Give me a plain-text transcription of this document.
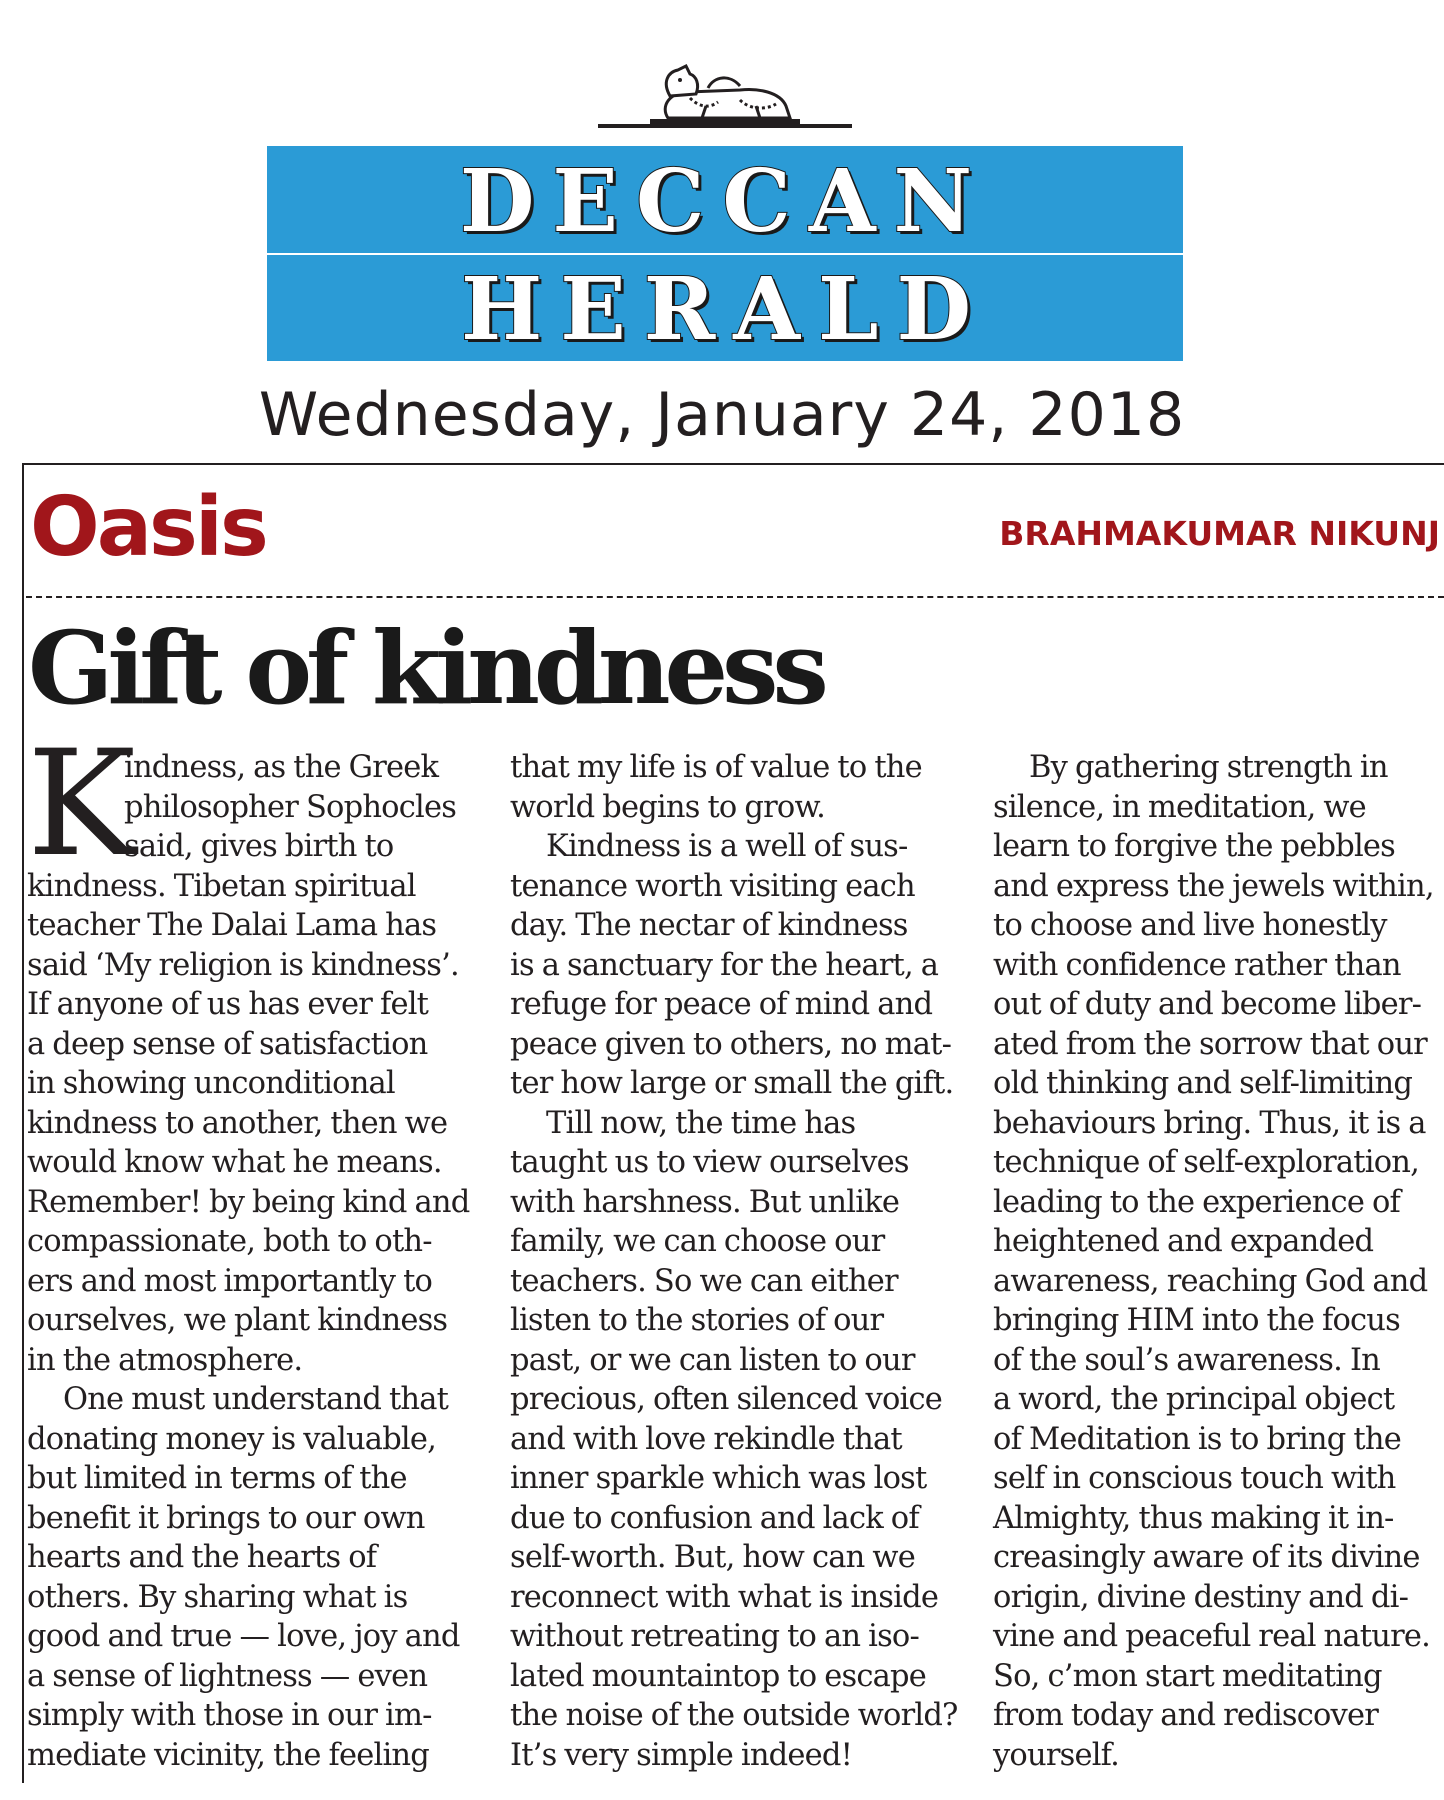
DECCAN
HERALD
Wednesday, January 24, 2018
Oasis	BRAHMAKUMAR NIKUNJ
Gift of kindness
K
indness, as the Greek
philosopher Sophocles
said, gives birth to
kindness. Tibetan spiritual
teacher The Dalai Lama has
said ‘My religion is kindness’.
If anyone of us has ever felt
a deep sense of satisfaction
in showing unconditional
kindness to another, then we
would know what he means.
Remember! by being kind and
compassionate, both to oth-
ers and most importantly to
ourselves, we plant kindness
in the atmosphere.
One must understand that
donating money is valuable,
but limited in terms of the
benefit it brings to our own
hearts and the hearts of
others. By sharing what is
good and true — love, joy and
a sense of lightness — even
simply with those in our im-
mediate vicinity, the feeling
that my life is of value to the
world begins to grow.
Kindness is a well of sus-
tenance worth visiting each
day. The nectar of kindness
is a sanctuary for the heart, a
refuge for peace of mind and
peace given to others, no mat-
ter how large or small the gift.
Till now, the time has
taught us to view ourselves
with harshness. But unlike
family, we can choose our
teachers. So we can either
listen to the stories of our
past, or we can listen to our
precious, often silenced voice
and with love rekindle that
inner sparkle which was lost
due to confusion and lack of
self-worth. But, how can we
reconnect with what is inside
without retreating to an iso-
lated mountaintop to escape
the noise of the outside world?
It’s very simple indeed!
By gathering strength in
silence, in meditation, we
learn to forgive the pebbles
and express the jewels within,
to choose and live honestly
with confidence rather than
out of duty and become liber-
ated from the sorrow that our
old thinking and self-limiting
behaviours bring. Thus, it is a
technique of self-exploration,
leading to the experience of
heightened and expanded
awareness, reaching God and
bringing HIM into the focus
of the soul’s awareness. In
a word, the principal object
of Meditation is to bring the
self in conscious touch with
Almighty, thus making it in-
creasingly aware of its divine
origin, divine destiny and di-
vine and peaceful real nature.
So, c’mon start meditating
from today and rediscover
yourself.
